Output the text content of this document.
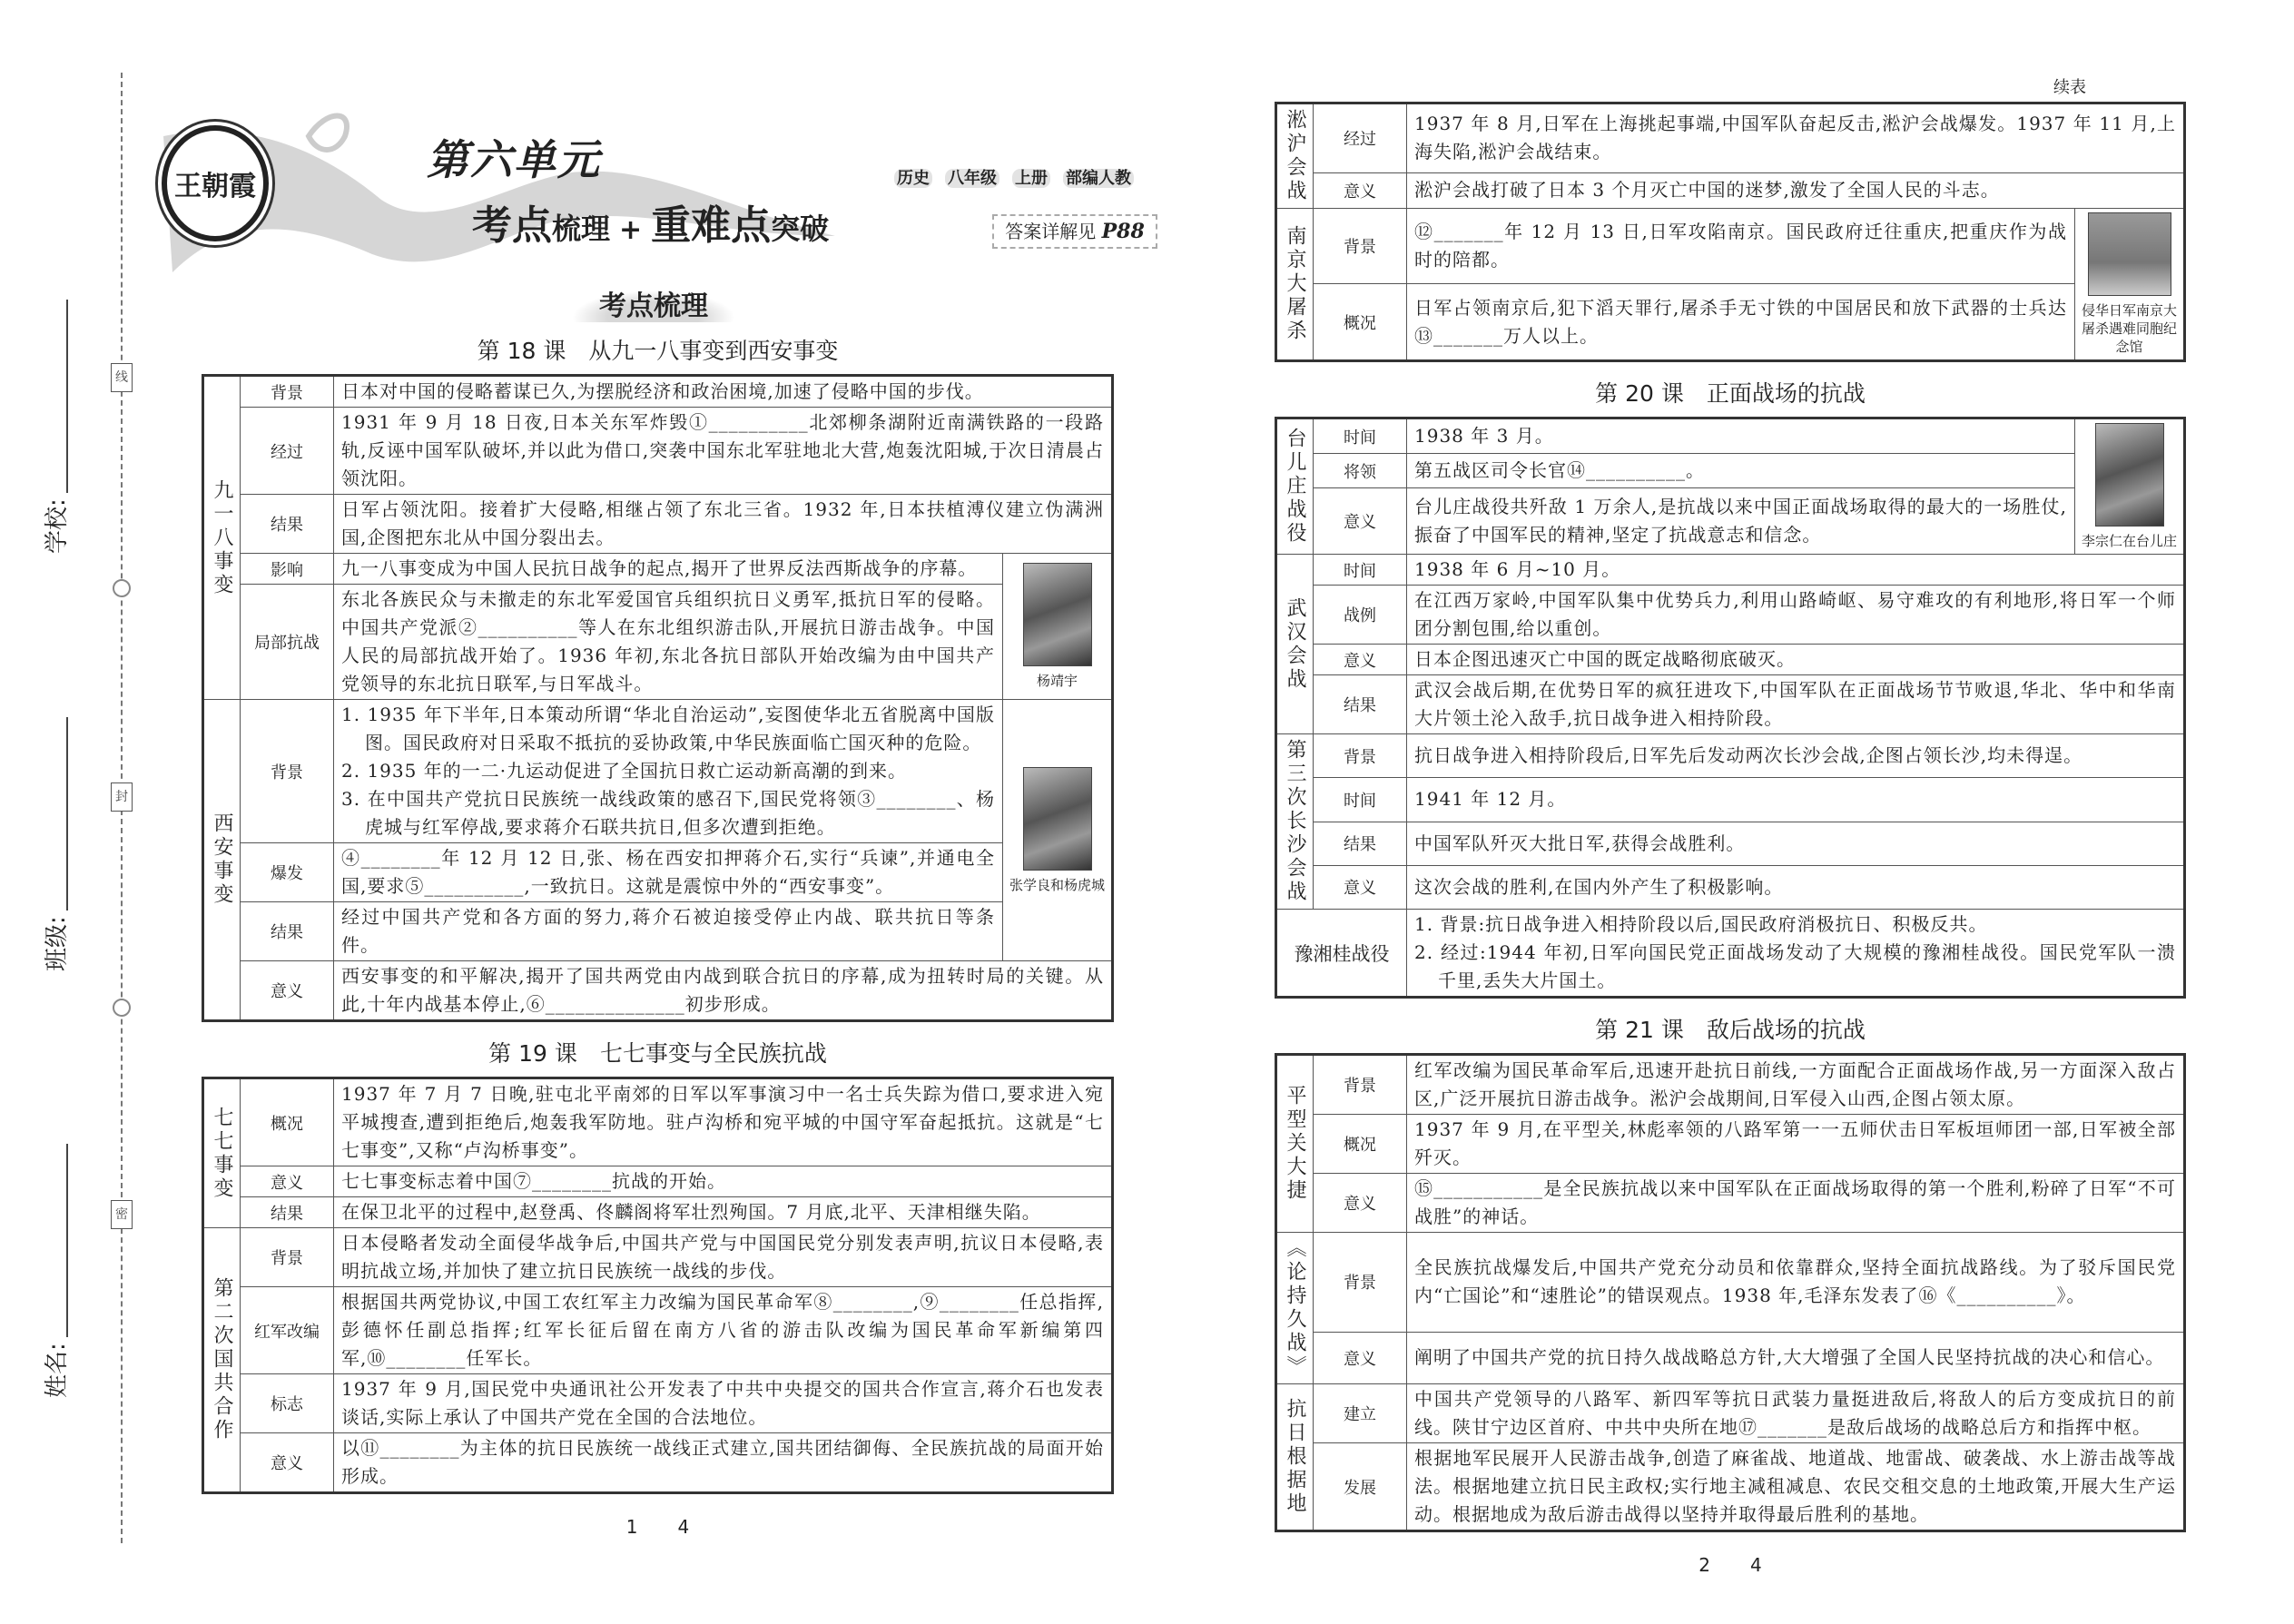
线
封
密
学校:
班级:
姓名:
王朝霞
第六单元
考点梳理 + 重难点突破
历史 八年级 上册 部编人教
答案详解见 P88
考点梳理
第 18 课　从九一八事变到西安事变
九一八事变	背景	日本对中国的侵略蓄谋已久,为摆脱经济和政治困境,加速了侵略中国的步伐。	
	经过	1931 年 9 月 18 日夜,日本关东军炸毁①__________北郊柳条湖附近南满铁路的一段路轨,反诬中国军队破坏,并以此为借口,突袭中国东北军驻地北大营,炮轰沈阳城,于次日清晨占领沈阳。	
	结果	日军占领沈阳。接着扩大侵略,相继占领了东北三省。1932 年,日本扶植溥仪建立伪满洲国,企图把东北从中国分裂出去。	
	影响	九一八事变成为中国人民抗日战争的起点,揭开了世界反法西斯战争的序幕。	杨靖宇

	局部抗战	东北各族民众与未撤走的东北军爱国官兵组织抗日义勇军,抵抗日军的侵略。中国共产党派②__________等人在东北组织游击队,开展抗日游击战争。中国人民的局部抗战开始了。1936 年初,东北各抗日部队开始改编为由中国共产党领导的东北抗日联军,与日军战斗。	

西安事变	背景	1. 1935 年下半年,日本策动所谓“华北自治运动”,妄图使华北五省脱离中国版图。国民政府对日采取不抵抗的妥协政策,中华民族面临亡国灭种的危险。
2. 1935 年的一二·九运动促进了全国抗日救亡运动新高潮的到来。
3. 在中国共产党抗日民族统一战线政策的感召下,国民党将领③________、杨虎城与红军停战,要求蒋介石联共抗日,但多次遭到拒绝。	张学良和杨虎城

	爆发	④________年 12 月 12 日,张、杨在西安扣押蒋介石,实行“兵谏”,并通电全国,要求⑤__________,一致抗日。这就是震惊中外的“西安事变”。	
	结果	经过中国共产党和各方面的努力,蒋介石被迫接受停止内战、联共抗日等条件。	
	意义	西安事变的和平解决,揭开了国共两党由内战到联合抗日的序幕,成为扭转时局的关键。从此,十年内战基本停止,⑥______________初步形成。	
第 19 课　七七事变与全民族抗战
七七事变	概况	1937 年 7 月 7 日晚,驻屯北平南郊的日军以军事演习中一名士兵失踪为借口,要求进入宛平城搜查,遭到拒绝后,炮轰我军防地。驻卢沟桥和宛平城的中国守军奋起抵抗。这就是“七七事变”,又称“卢沟桥事变”。
	意义	七七事变标志着中国⑦________抗战的开始。
	结果	在保卫北平的过程中,赵登禹、佟麟阁将军壮烈殉国。7 月底,北平、天津相继失陷。

第二次国共合作	背景	日本侵略者发动全面侵华战争后,中国共产党与中国国民党分别发表声明,抗议日本侵略,表明抗战立场,并加快了建立抗日民族统一战线的步伐。
	红军改编	根据国共两党协议,中国工农红军主力改编为国民革命军⑧________,⑨________任总指挥,彭德怀任副总指挥;红军长征后留在南方八省的游击队改编为国民革命军新编第四军,⑩________任军长。
	标志	1937 年 9 月,国民党中央通讯社公开发表了中共中央提交的国共合作宣言,蒋介石也发表谈话,实际上承认了中国共产党在全国的合法地位。
	意义	以⑪________为主体的抗日民族统一战线正式建立,国共团结御侮、全民族抗战的局面开始形成。
1 4
续表
淞沪会战	经过	1937 年 8 月,日军在上海挑起事端,中国军队奋起反击,淞沪会战爆发。1937 年 11 月,上海失陷,淞沪会战结束。	
	意义	淞沪会战打破了日本 3 个月灭亡中国的迷梦,激发了全国人民的斗志。	

南京大屠杀	背景	⑫_______年 12 月 13 日,日军攻陷南京。国民政府迁往重庆,把重庆作为战时的陪都。	侵华日军南京大屠杀遇难同胞纪念馆

	概况	日军占领南京后,犯下滔天罪行,屠杀手无寸铁的中国居民和放下武器的士兵达⑬_______万人以上。	
第 20 课　正面战场的抗战
台儿庄战役	时间	1938 年 3 月。	李宗仁在台儿庄

	将领	第五战区司令长官⑭__________。	
	意义	台儿庄战役共歼敌 1 万余人,是抗战以来中国正面战场取得的最大的一场胜仗,振奋了中国军民的精神,坚定了抗战意志和信念。	

武汉会战	时间	1938 年 6 月~10 月。	
	战例	在江西万家岭,中国军队集中优势兵力,利用山路崎岖、易守难攻的有利地形,将日军一个师团分割包围,给以重创。	
	意义	日本企图迅速灭亡中国的既定战略彻底破灭。	
	结果	武汉会战后期,在优势日军的疯狂进攻下,中国军队在正面战场节节败退,华北、华中和华南大片领土沦入敌手,抗日战争进入相持阶段。	

第三次长沙会战	背景	抗日战争进入相持阶段后,日军先后发动两次长沙会战,企图占领长沙,均未得逞。	
	时间	1941 年 12 月。	
	结果	中国军队歼灭大批日军,获得会战胜利。	
	意义	这次会战的胜利,在国内外产生了积极影响。	
豫湘桂战役		1. 背景:抗日战争进入相持阶段以后,国民政府消极抗日、积极反共。
2. 经过:1944 年初,日军向国民党正面战场发动了大规模的豫湘桂战役。国民党军队一溃千里,丢失大片国土。	
第 21 课　敌后战场的抗战
平型关大捷	背景	红军改编为国民革命军后,迅速开赴抗日前线,一方面配合正面战场作战,另一方面深入敌占区,广泛开展抗日游击战争。淞沪会战期间,日军侵入山西,企图占领太原。
	概况	1937 年 9 月,在平型关,林彪率领的八路军第一一五师伏击日军板垣师团一部,日军被全部歼灭。
	意义	⑮___________是全民族抗战以来中国军队在正面战场取得的第一个胜利,粉碎了日军“不可战胜”的神话。

《论持久战》	背景	全民族抗战爆发后,中国共产党充分动员和依靠群众,坚持全面抗战路线。为了驳斥国民党内“亡国论”和“速胜论”的错误观点。1938 年,毛泽东发表了⑯《__________》。
	意义	阐明了中国共产党的抗日持久战战略总方针,大大增强了全国人民坚持抗战的决心和信心。

抗日根据地	建立	中国共产党领导的八路军、新四军等抗日武装力量挺进敌后,将敌人的后方变成抗日的前线。陕甘宁边区首府、中共中央所在地⑰_______是敌后战场的战略总后方和指挥中枢。
	发展	根据地军民展开人民游击战争,创造了麻雀战、地道战、地雷战、破袭战、水上游击战等战法。根据地建立抗日民主政权;实行地主减租减息、农民交租交息的土地政策,开展大生产运动。根据地成为敌后游击战得以坚持并取得最后胜利的基地。
2 4
